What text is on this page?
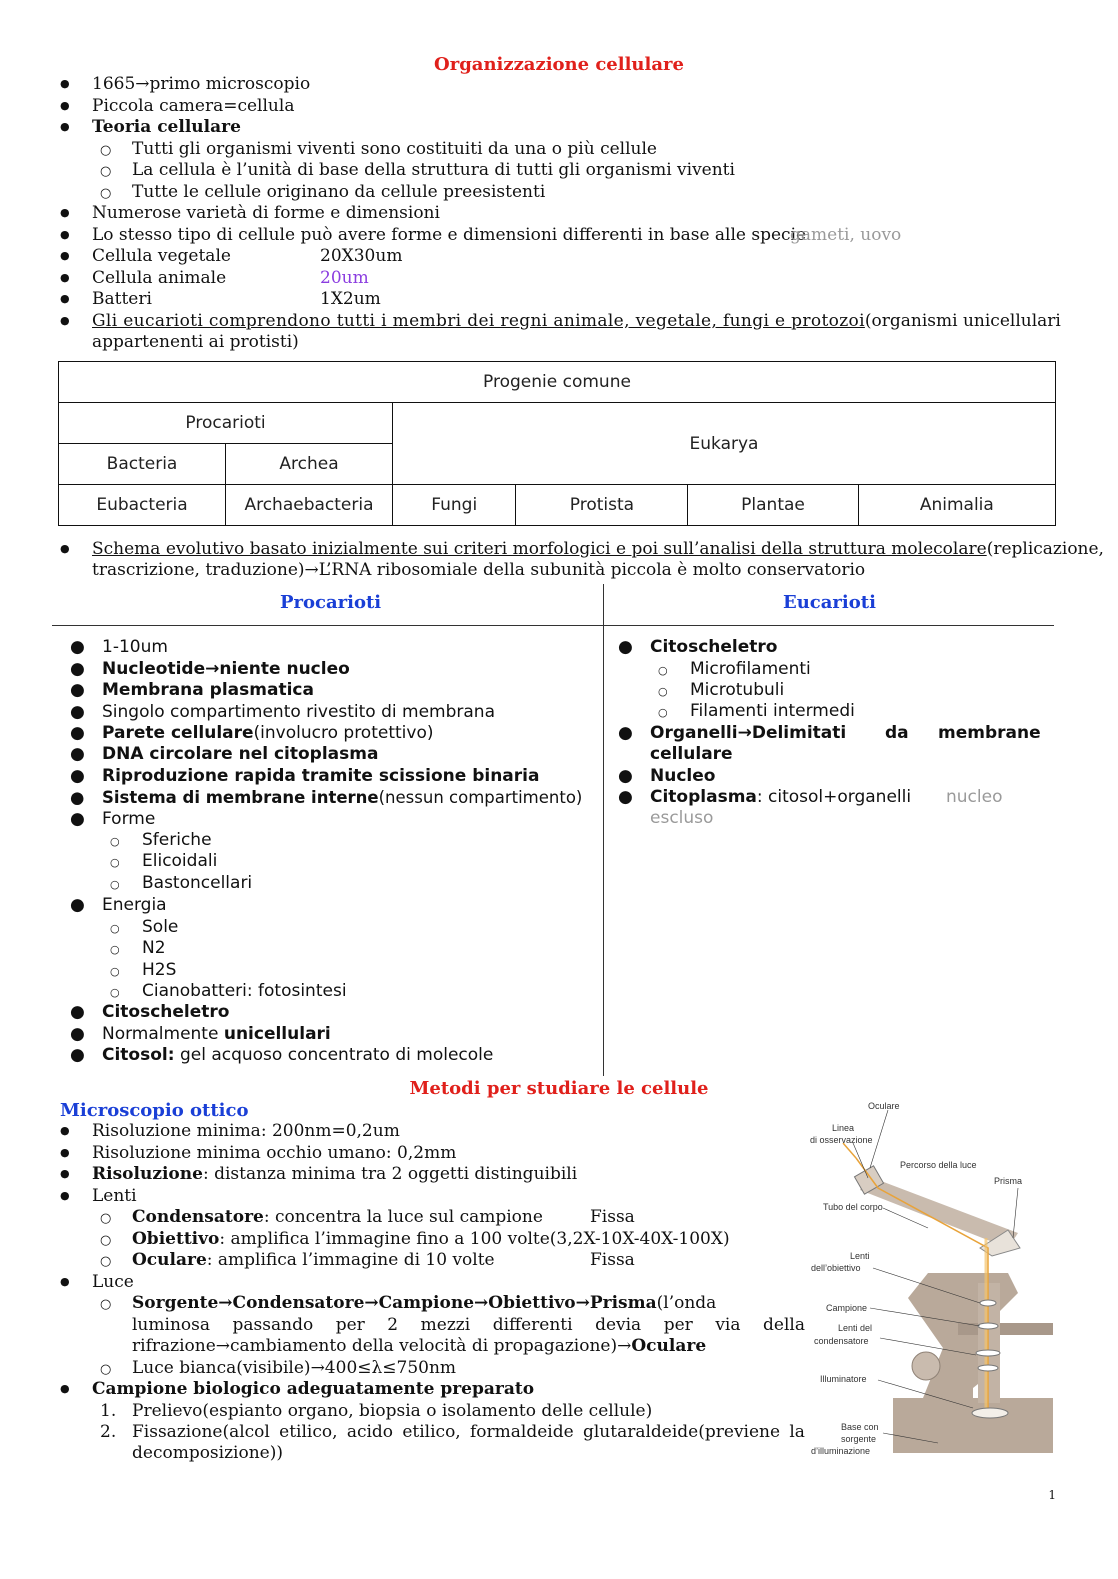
Organizzazione cellulare
●1665→primo microscopio
●Piccola camera=cellula
●Teoria cellulare
○Tutti gli organismi viventi sono costituiti da una o più cellule
○La cellula è l’unità di base della struttura di tutti gli organismi viventi
○Tutte le cellule originano da cellule preesistenti
●Numerose varietà di forme e dimensioni
●Lo stesso tipo di cellule può avere forme e dimensioni differenti in base alle specie
gameti, uovo
●Cellula vegetale	20X30um
●Cellula animale	20um
●Batteri	1X2um
●Gli eucarioti comprendono tutti i membri dei regni animale, vegetale, fungi e protozoi(organismi unicellulari
appartenenti ai protisti)
Progenie comune					
Procarioti		Eukarya			
Bacteria	Archea				
Eubacteria	Archaebacteria	Fungi	Protista	Plantae	Animalia
●Schema evolutivo basato inizialmente sui criteri morfologici e poi sull’analisi della struttura molecolare(replicazione,
trascrizione, traduzione)→L’RNA ribosomiale della subunità piccola è molto conservatorio
Procarioti	Eucarioti
● 1-10um
● Nucleotide→niente nucleo
● Membrana plasmatica
● Singolo compartimento rivestito di membrana
● Parete cellulare(involucro protettivo)
● DNA circolare nel citoplasma
● Riproduzione rapida tramite scissione binaria
● Sistema di membrane interne(nessun compartimento)
● Forme
○Sferiche
○Elicoidali
○Bastoncellari
● Energia
○Sole
○N2
○H2S
○Cianobatteri: fotosintesi
● Citoscheletro
● Normalmente unicellulari
● Citosol: gel acquoso concentrato di molecole
● Citoscheletro
○Microfilamenti
○Microtubuli
○Filamenti intermedi
● Organelli→Delimitati da membrane
cellulare
● Nucleo
● Citoplasma: citosol+organelli nucleo
escluso
Metodi per studiare le cellule
Microscopio ottico
●Risoluzione minima: 200nm=0,2um
●Risoluzione minima occhio umano: 0,2mm
●Risoluzione: distanza minima tra 2 oggetti distinguibili
●Lenti
○Condensatore: concentra la luce sul campione	Fissa
○Obiettivo: amplifica l’immagine fino a 100 volte(3,2X-10X-40X-100X)
○Oculare: amplifica l’immagine di 10 volte	Fissa
●Luce
○Sorgente→Condensatore→Campione→Obiettivo→Prisma(l’onda
luminosa passando per 2 mezzi differenti devia per via della
rifrazione→cambiamento della velocità di propagazione)→Oculare
○Luce bianca(visibile)→400≤λ≤750nm
●Campione biologico adeguatamente preparato
1. Prelievo(espianto organo, biopsia o isolamento delle cellule)
2. Fissazione(alcol etilico, acido etilico, formaldeide glutaraldeide(previene la
decomposizione))
Oculare
Linea
di osservazione
Percorso della luce
Prisma
Tubo del corpo
Lenti
dell’obiettivo
Campione
Lenti del
condensatore
Illuminatore
Base con
sorgente
d’illuminazione
1
